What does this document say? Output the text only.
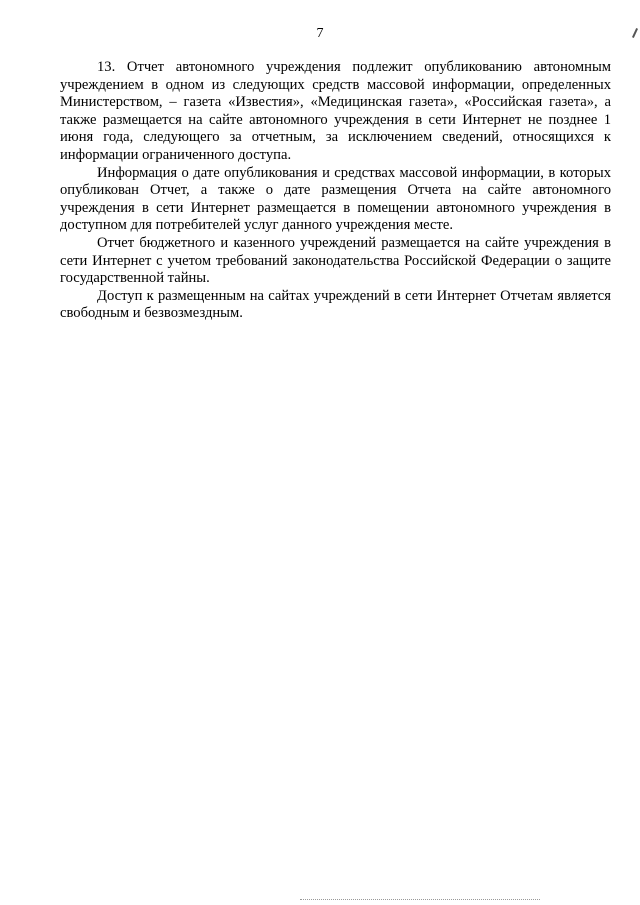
7

13. Отчет автономного учреждения подлежит опубликованию автономным учреждением в одном из следующих средств массовой информации, определенных Министерством, – газета «Известия», «Медицинская газета», «Российская газета», а также размещается на сайте автономного учреждения в сети Интернет не позднее 1 июня года, следующего за отчетным, за исключением сведений, относящихся к информации ограниченного доступа.

Информация о дате опубликования и средствах массовой информации, в которых опубликован Отчет, а также о дате размещения Отчета на сайте автономного учреждения в сети Интернет размещается в помещении автономного учреждения в доступном для потребителей услуг данного учреждения месте.

Отчет бюджетного и казенного учреждений размещается на сайте учреждения в сети Интернет с учетом требований законодательства Российской Федерации о защите государственной тайны.

Доступ к размещенным на сайтах учреждений в сети Интернет Отчетам является свободным и безвозмездным.
